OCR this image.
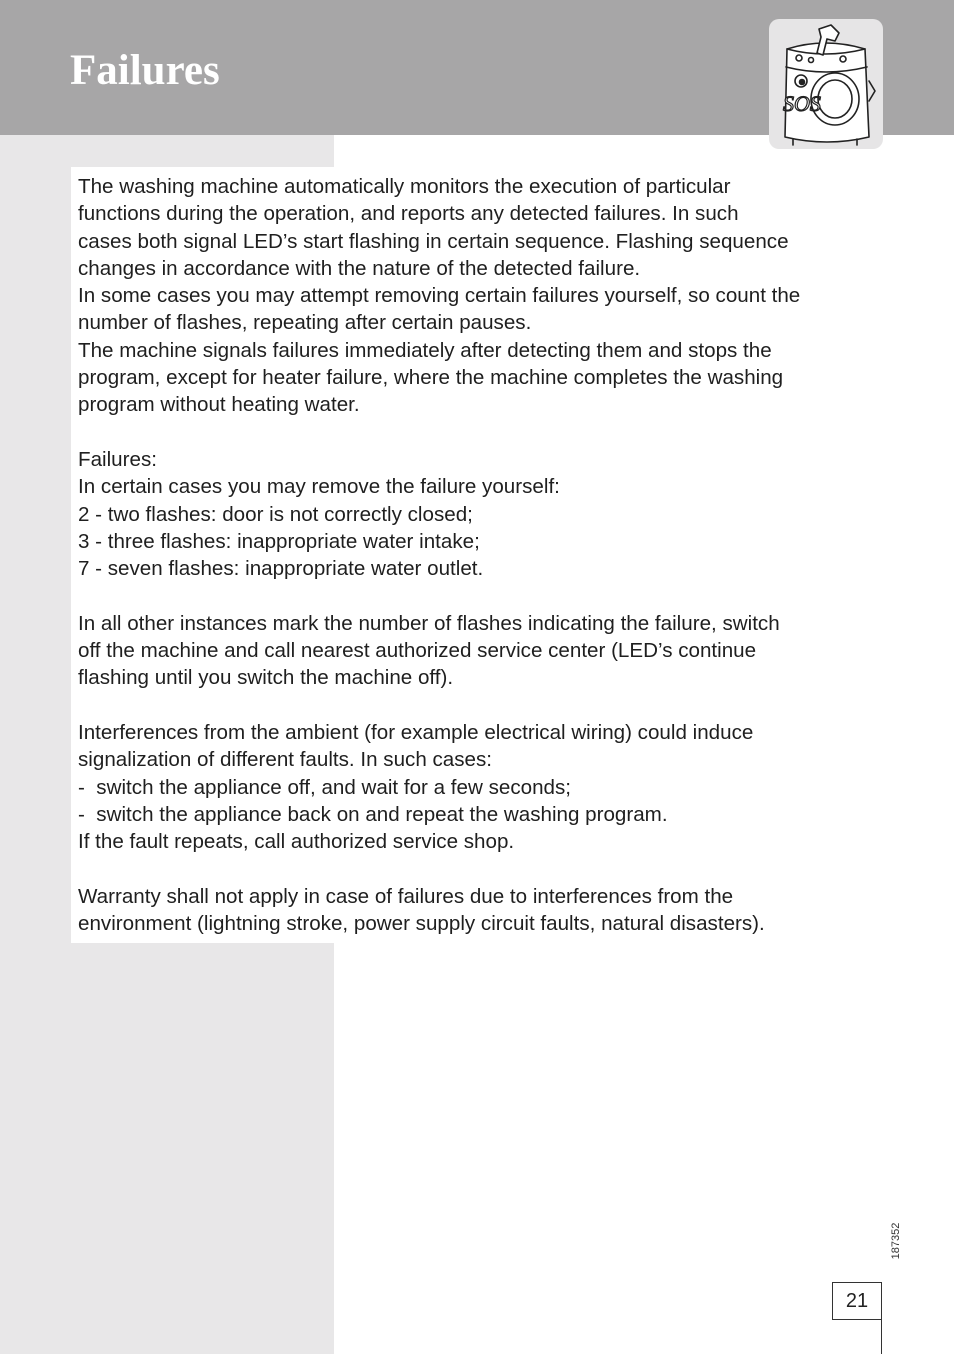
Failures
SOS

The washing machine automatically monitors the execution of particular

functions during the operation, and reports any detected failures. In such

cases both signal LED’s start flashing in certain sequence. Flashing sequence

changes in accordance with the nature of the detected failure.

In some cases you may attempt removing certain failures yourself, so count the

number of flashes, repeating after certain pauses.

The machine signals failures immediately after detecting them and stops the

program, except for heater failure, where the machine completes the washing

program without heating water.

Failures:

In certain cases you may remove the failure yourself:

2 - two flashes: door is not correctly closed;

3 - three flashes: inappropriate water intake;

7 - seven flashes: inappropriate water outlet.

In all other instances mark the number of flashes indicating the failure, switch

off the machine and call nearest authorized service center (LED’s continue

flashing until you switch the machine off).

Interferences from the ambient (for example electrical wiring) could induce

signalization of different faults. In such cases:

-  switch the appliance off, and wait for a few seconds;

-  switch the appliance back on and repeat the washing program.

If the fault repeats, call authorized service shop.

Warranty shall not apply in case of failures due to interferences from the

environment (lightning stroke, power supply circuit faults, natural disasters).

187352
21
